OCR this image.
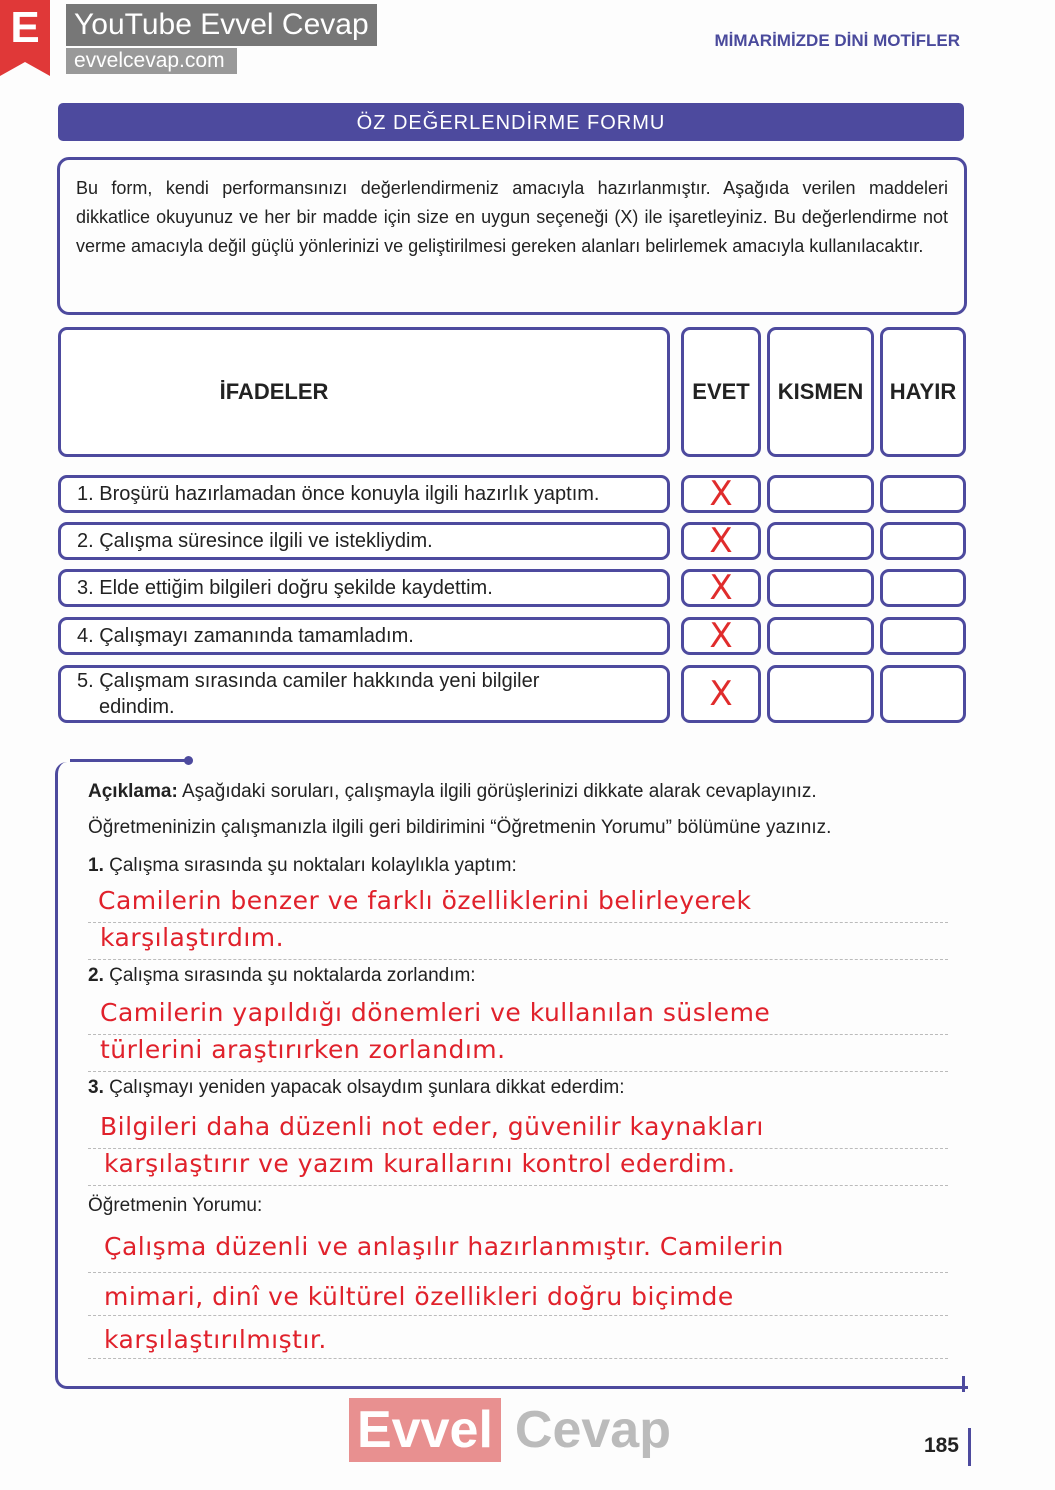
E	YouTube Evvel Cevap
evvelcevap.com
MİMARİMİZDE DİNİ MOTİFLER
ÖZ DEĞERLENDİRME FORMU
Bu form, kendi performansınızı değerlendirmeniz amacıyla hazırlanmıştır. Aşağıda verilen maddeleri dikkatlice okuyunuz ve her bir madde için size en uygun seçeneği (X) ile işaretleyiniz. Bu değerlendirme not verme amacıyla değil güçlü yönlerinizi ve geliştirilmesi gereken alanları belirlemek amacıyla kullanılacaktır.
İFADELER	EVET	KISMEN	HAYIR
1. Broşürü hazırlamadan önce konuyla ilgili hazırlık yaptım.	X
2. Çalışma süresince ilgili ve istekliydim.	X
3. Elde ettiğim bilgileri doğru şekilde kaydettim.	X
4. Çalışmayı zamanında tamamladım.	X
5. Çalışmam sırasında camiler hakkında yeni bilgiler
edindim.	X
Açıklama: Aşağıdaki soruları, çalışmayla ilgili görüşlerinizi dikkate alarak cevaplayınız.
Öğretmeninizin çalışmanızla ilgili geri bildirimini “Öğretmenin Yorumu” bölümüne yazınız.
1. Çalışma sırasında şu noktaları kolaylıkla yaptım:
Camilerin benzer ve farklı özelliklerini belirleyerek
karşılaştırdım.
2. Çalışma sırasında şu noktalarda zorlandım:
Camilerin yapıldığı dönemleri ve kullanılan süsleme
türlerini araştırırken zorlandım.
3. Çalışmayı yeniden yapacak olsaydım şunlara dikkat ederdim:
Bilgileri daha düzenli not eder, güvenilir kaynakları
karşılaştırır ve yazım kurallarını kontrol ederdim.
Öğretmenin Yorumu:
Çalışma düzenli ve anlaşılır hazırlanmıştır. Camilerin
mimari, dinî ve kültürel özellikleri doğru biçimde
karşılaştırılmıştır.
Evvel Cevap	185
